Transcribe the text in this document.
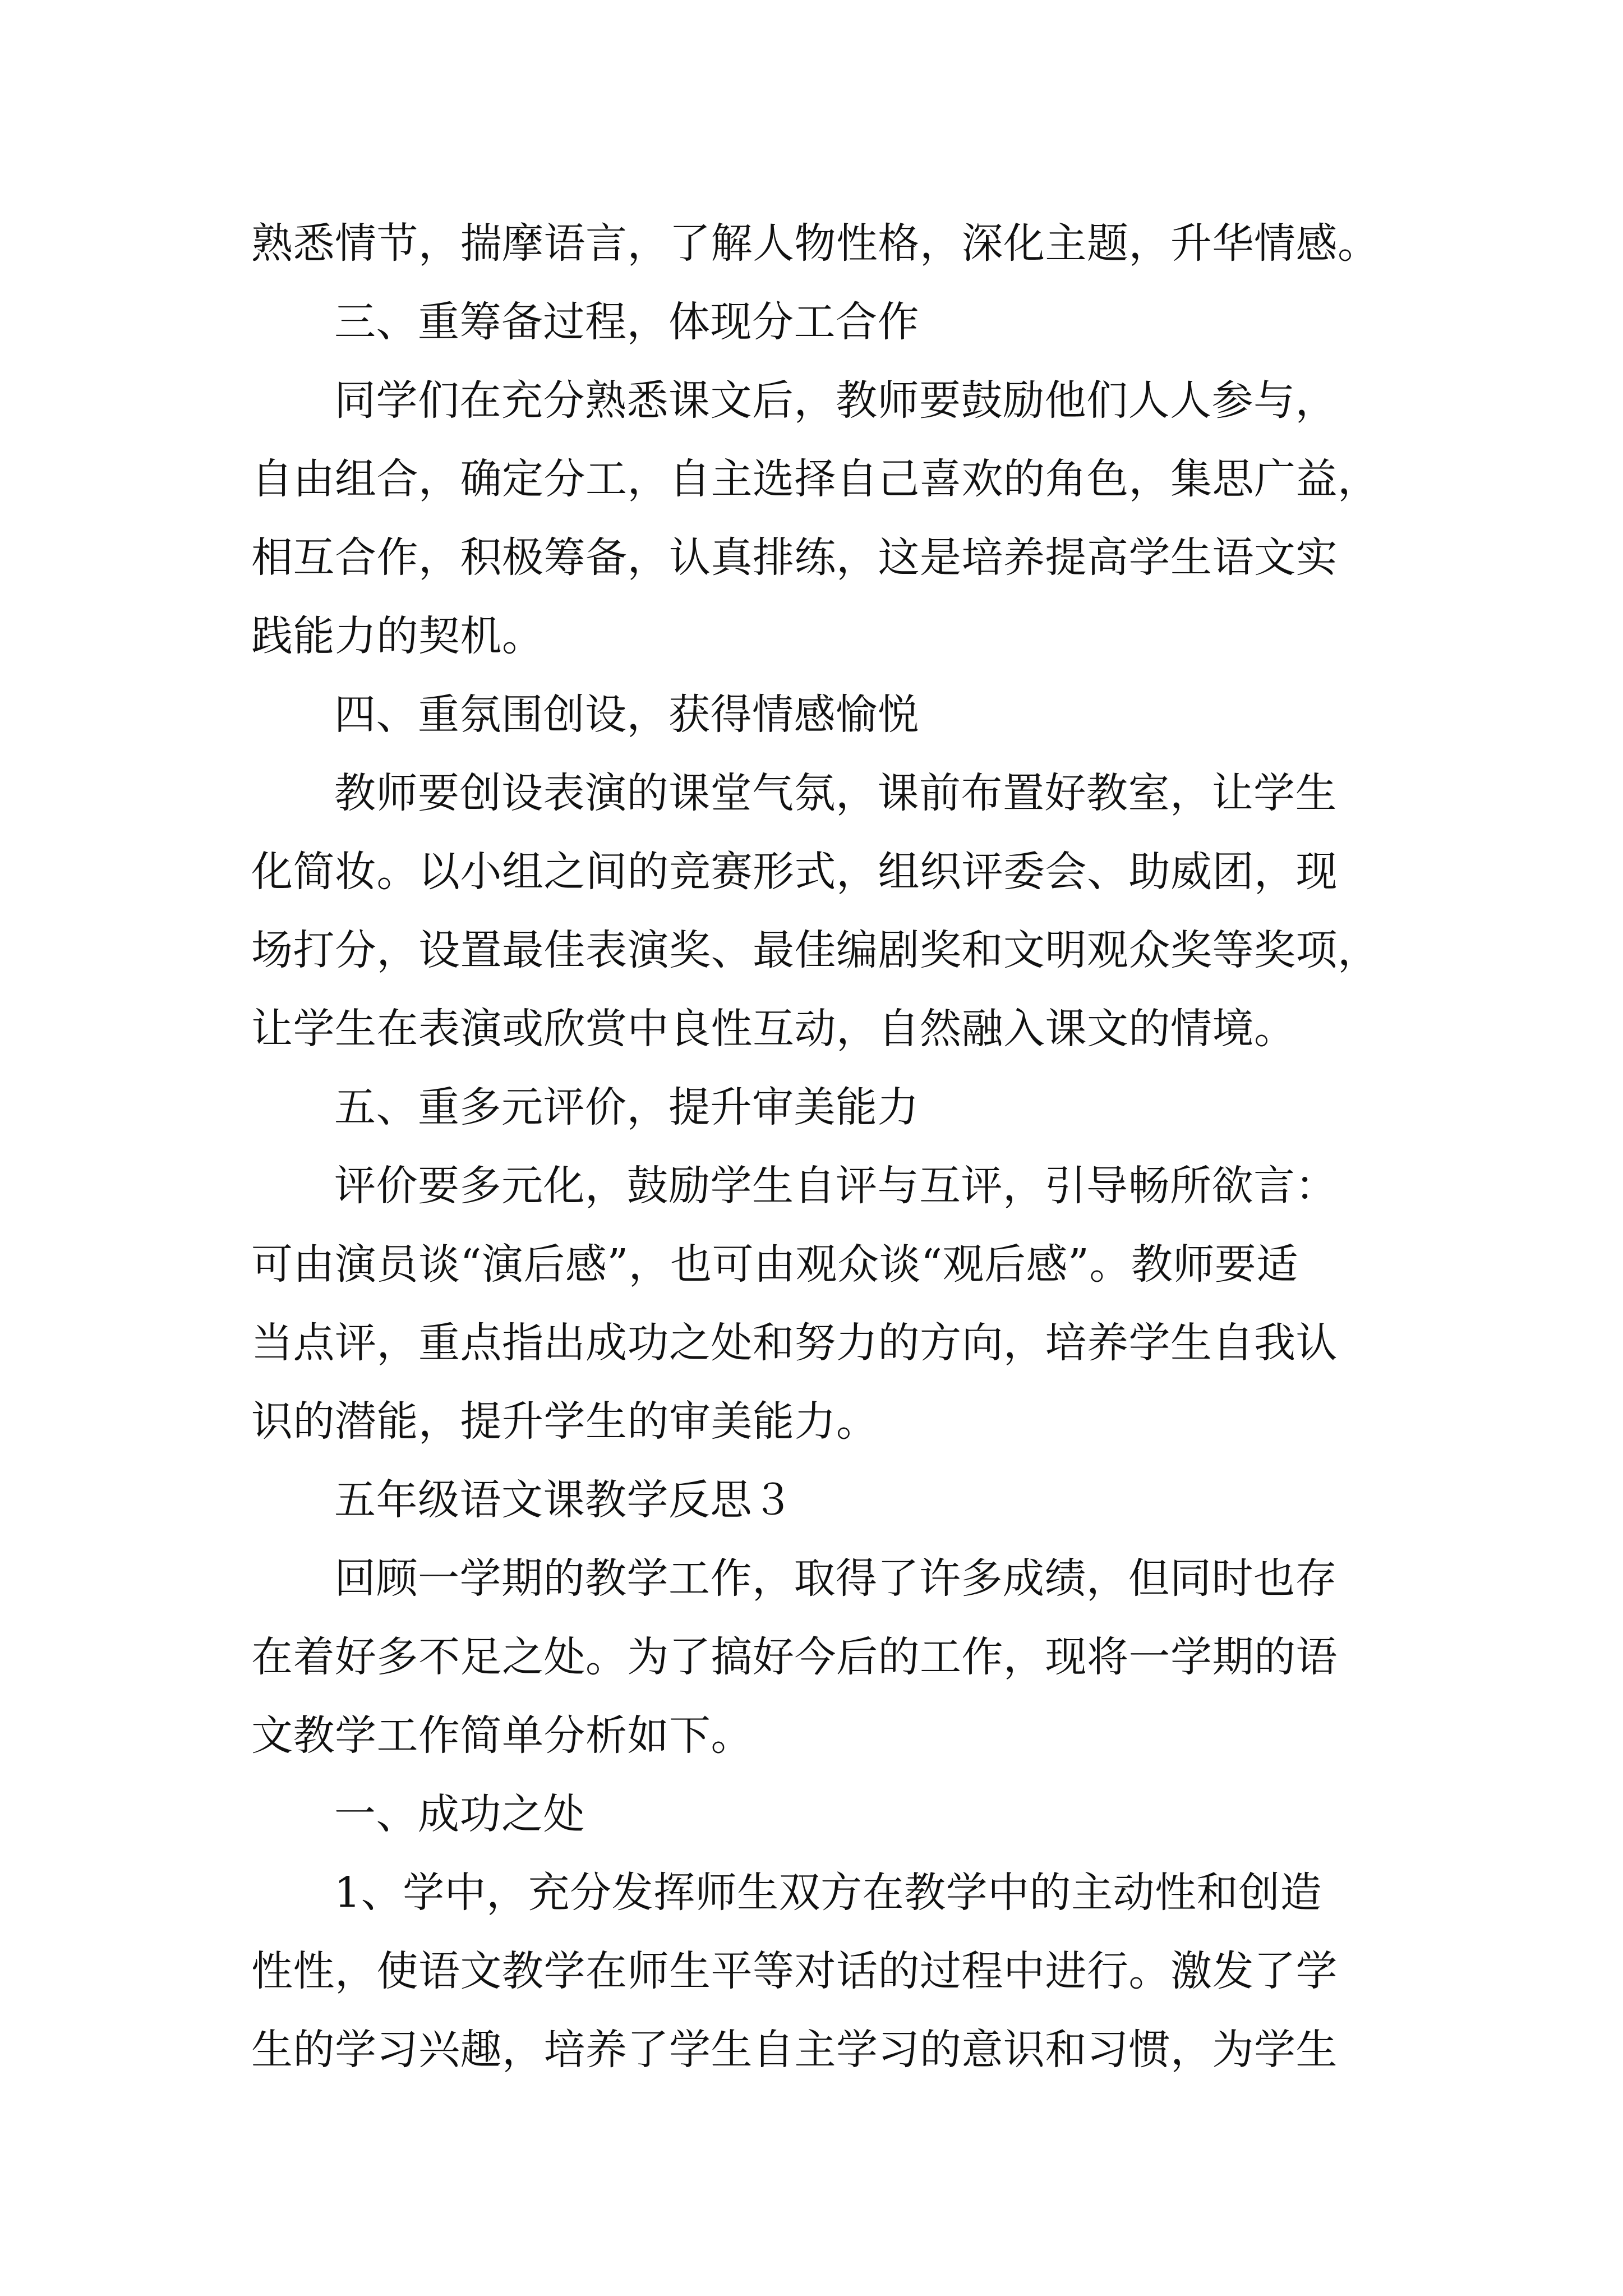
熟悉情节，揣摩语言，了解人物性格，深化主题，升华情感。
三、重筹备过程，体现分工合作
同学们在充分熟悉课文后，教师要鼓励他们人人参与，
自由组合，确定分工，自主选择自己喜欢的角色，集思广益，
相互合作，积极筹备，认真排练，这是培养提高学生语文实
践能力的契机。
四、重氛围创设，获得情感愉悦
教师要创设表演的课堂气氛，课前布置好教室，让学生
化简妆。以小组之间的竞赛形式，组织评委会、助威团，现
场打分，设置最佳表演奖、最佳编剧奖和文明观众奖等奖项，
让学生在表演或欣赏中良性互动，自然融入课文的情境。
五、重多元评价，提升审美能力
评价要多元化，鼓励学生自评与互评，引导畅所欲言：
可由演员谈“演后感”，也可由观众谈“观后感”。教师要适
当点评，重点指出成功之处和努力的方向，培养学生自我认
识的潜能，提升学生的审美能力。
五年级语文课教学反思３
回顾一学期的教学工作，取得了许多成绩，但同时也存
在着好多不足之处。为了搞好今后的工作，现将一学期的语
文教学工作简单分析如下。
一、成功之处
1、学中，充分发挥师生双方在教学中的主动性和创造
性性，使语文教学在师生平等对话的过程中进行。激发了学
生的学习兴趣，培养了学生自主学习的意识和习惯，为学生
